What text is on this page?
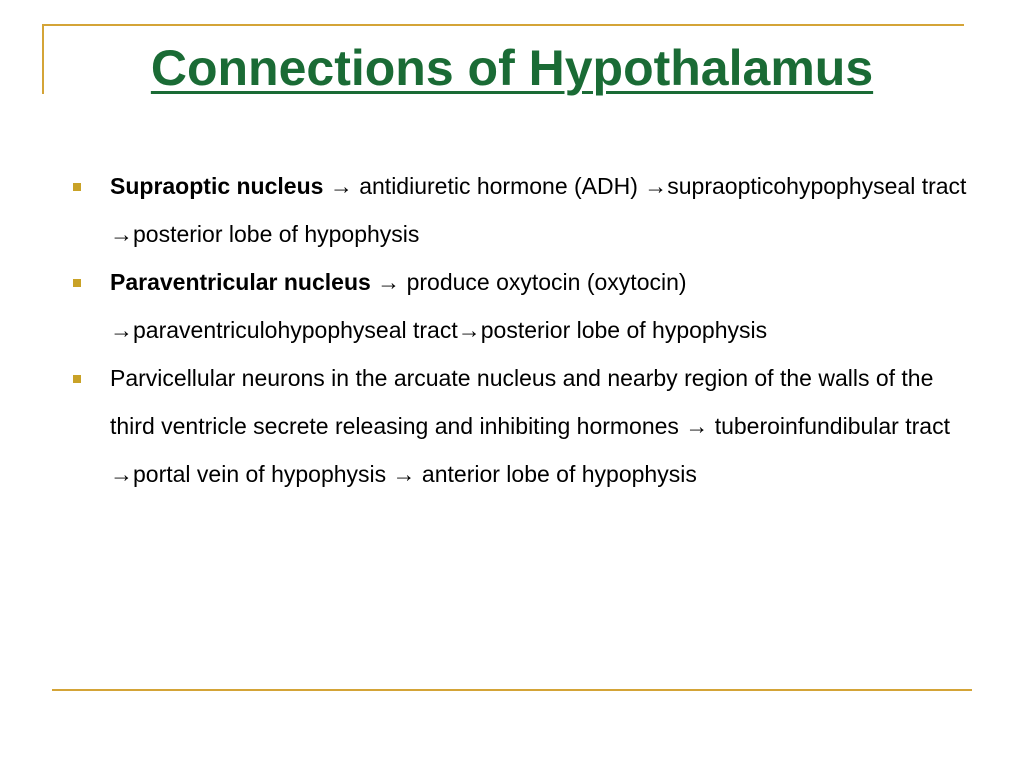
Connections of Hypothalamus
Supraoptic nucleus → antidiuretic hormone (ADH) →supraopticohypophyseal tract →posterior lobe of hypophysis
Paraventricular nucleus → produce oxytocin (oxytocin) →paraventriculohypophyseal tract→posterior lobe of hypophysis
Parvicellular neurons in the arcuate nucleus and nearby region of the walls of the third ventricle secrete releasing and inhibiting hormones → tuberoinfundibular tract →portal vein of hypophysis → anterior lobe of hypophysis
